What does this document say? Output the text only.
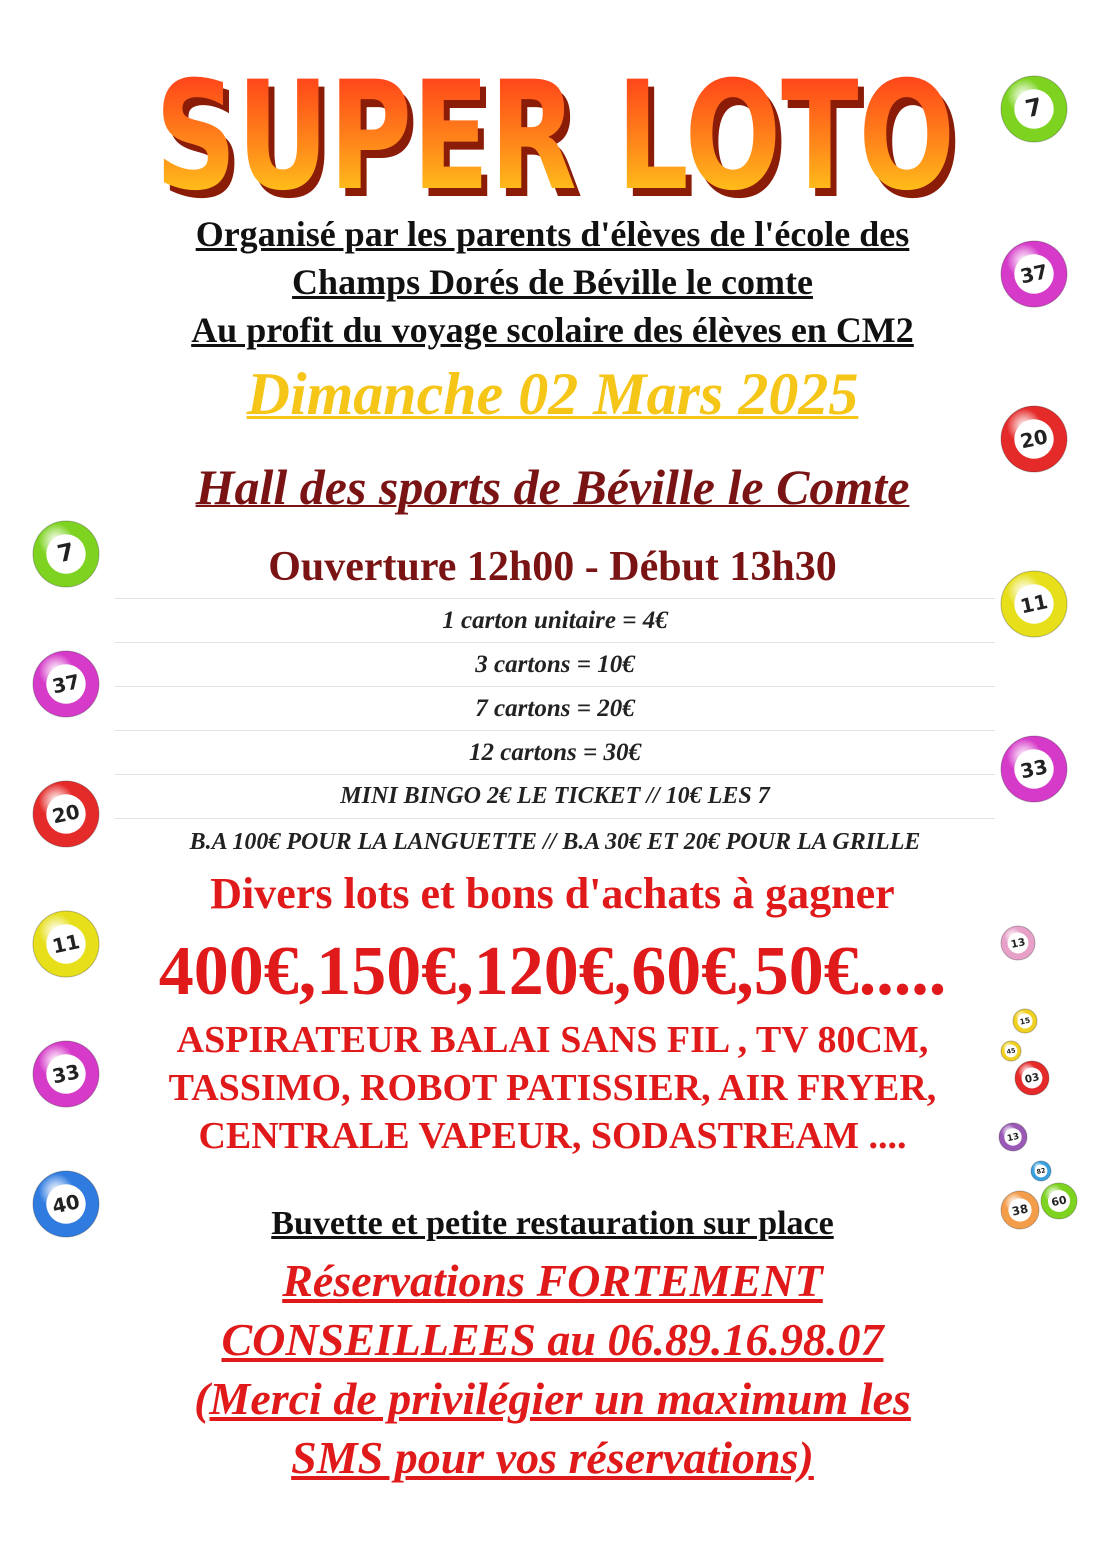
SUPER LOTO
SUPER LOTO
Organisé par les parents d'élèves de l'école des
Champs Dorés de Béville le comte
Au profit du voyage scolaire des élèves en CM2
Dimanche 02 Mars 2025
Hall des sports de Béville le Comte
Ouverture 12h00 - Début 13h30
1 carton unitaire = 4€
3 cartons = 10€
7 cartons = 20€
12 cartons = 30€
MINI BINGO 2€ LE TICKET // 10€ LES 7
B.A 100€ POUR LA LANGUETTE // B.A 30€ ET 20€ POUR LA GRILLE
Divers lots et bons d'achats à gagner
400€,150€,120€,60€,50€.....
ASPIRATEUR BALAI SANS FIL , TV 80CM,
TASSIMO, ROBOT PATISSIER, AIR FRYER,
CENTRALE VAPEUR, SODASTREAM ....
Buvette et petite restauration sur place
Réservations FORTEMENT
CONSEILLEES au 06.89.16.98.07
(Merci de privilégier un maximum les
SMS pour vos réservations)
7
37
20
11
33
40
7
37
20
11
33
13
15
45
03
13
82
38
60
